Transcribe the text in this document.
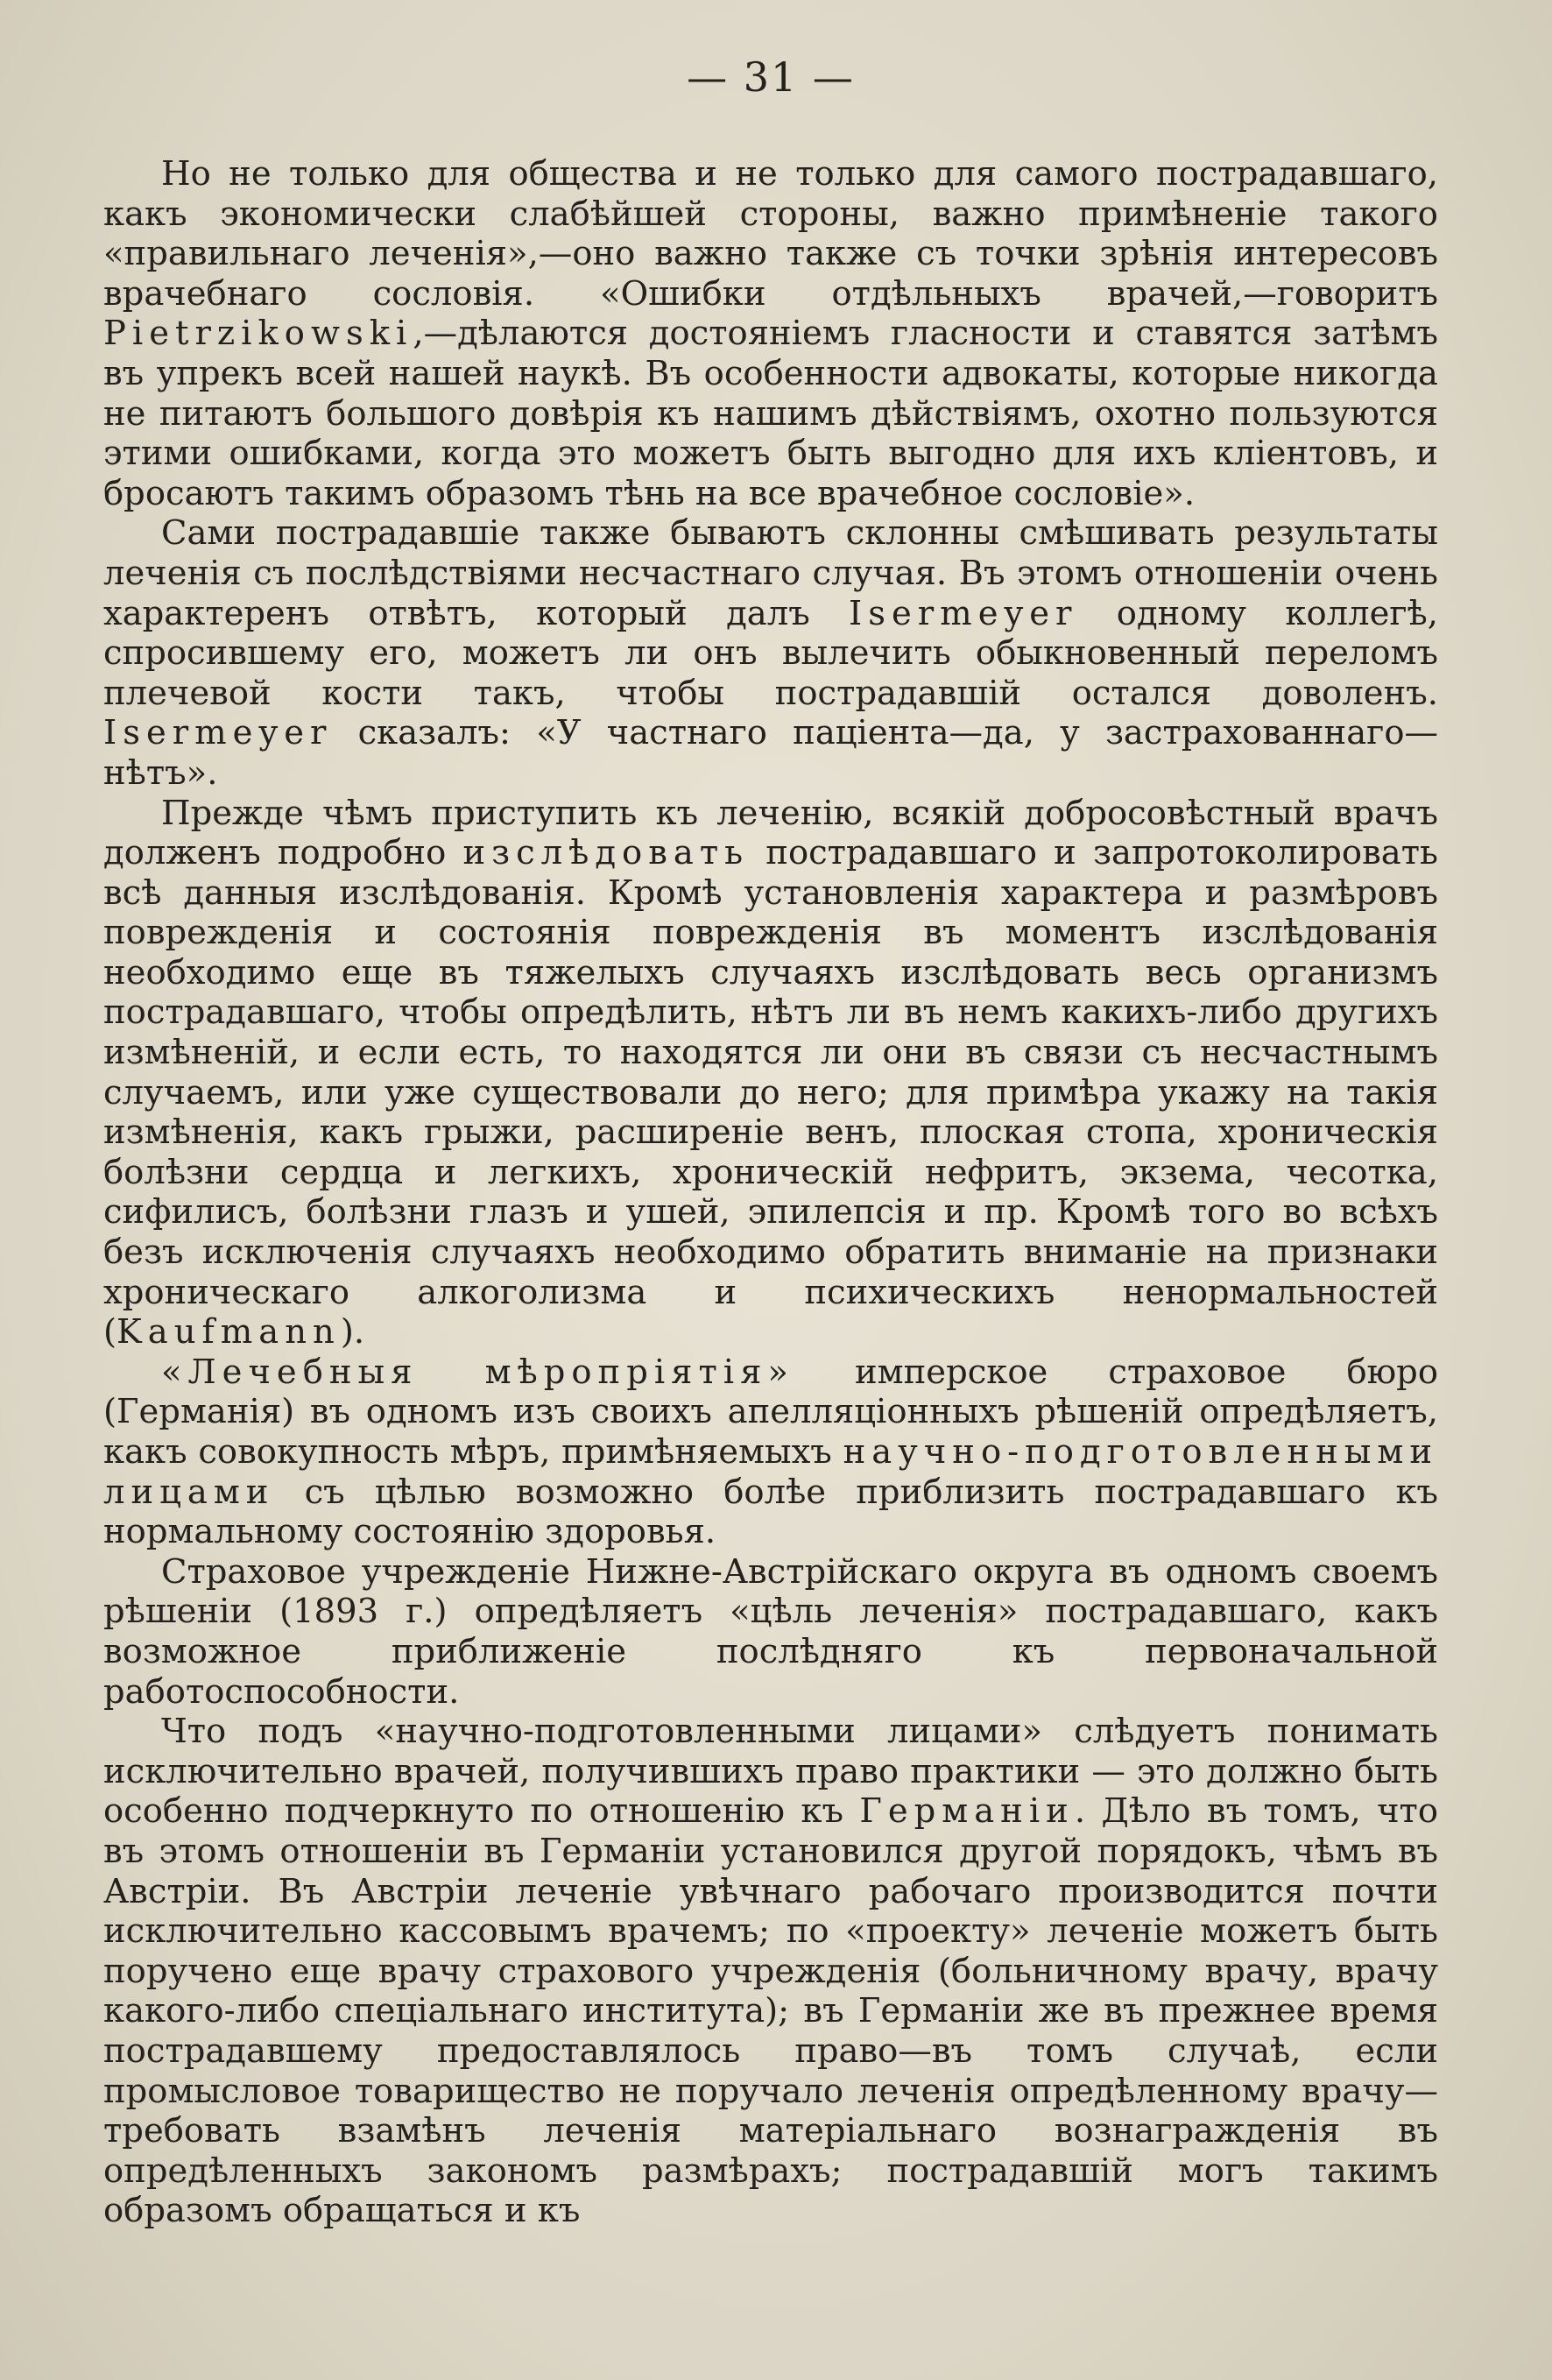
— 31 —

Но не только для общества и не только для самого пострадавшаго, какъ экономически слабѣйшей стороны, важно примѣненіе такого «правильнаго леченія»,—оно важно также съ точки зрѣнія интересовъ врачебнаго сословія. «Ошибки отдѣльныхъ врачей,—говоритъ Pietrzikowski,—дѣлаются достояніемъ гласности и ставятся затѣмъ въ упрекъ всей нашей наукѣ. Въ особенности адвокаты, которые никогда не питаютъ большого довѣрія къ нашимъ дѣйствіямъ, охотно пользуются этими ошибками, когда это можетъ быть выгодно для ихъ кліентовъ, и бросаютъ такимъ образомъ тѣнь на все врачебное сословіе».

Сами пострадавшіе также бываютъ склонны смѣшивать результаты леченія съ послѣдствіями несчастнаго случая. Въ этомъ отношеніи очень характеренъ отвѣтъ, который далъ Isermeyer одному коллегѣ, спросившему его, можетъ ли онъ вылечить обыкновенный переломъ плечевой кости такъ, чтобы пострадавшій остался доволенъ. Isermeyer сказалъ: «У частнаго паціента—да, у застрахованнаго—нѣтъ».

Прежде чѣмъ приступить къ леченію, всякій добросовѣстный врачъ долженъ подробно изслѣдовать пострадавшаго и запротоколировать всѣ данныя изслѣдованія. Кромѣ установленія характера и размѣровъ поврежденія и состоянія поврежденія въ моментъ изслѣдованія необходимо еще въ тяжелыхъ случаяхъ изслѣдовать весь организмъ пострадавшаго, чтобы опредѣлить, нѣтъ ли въ немъ какихъ-либо другихъ измѣненій, и если есть, то находятся ли они въ связи съ несчастнымъ случаемъ, или уже существовали до него; для примѣра укажу на такія измѣненія, какъ грыжи, расширеніе венъ, плоская стопа, хроническія болѣзни сердца и легкихъ, хроническій нефритъ, экзема, чесотка, сифилисъ, болѣзни глазъ и ушей, эпилепсія и пр. Кромѣ того во всѣхъ безъ исключенія случаяхъ необходимо обратить вниманіе на признаки хроническаго алкоголизма и психическихъ ненормальностей (Kaufmann).

«Лечебныя мѣропріятія» имперское страховое бюро (Германія) въ одномъ изъ своихъ апелляціонныхъ рѣшеній опредѣляетъ, какъ совокупность мѣръ, примѣняемыхъ научно-подготовленными лицами съ цѣлью возможно болѣе приблизить пострадавшаго къ нормальному состоянію здоровья.

Страховое учрежденіе Нижне-Австрійскаго округа въ одномъ своемъ рѣшеніи (1893 г.) опредѣляетъ «цѣль леченія» пострадавшаго, какъ возможное приближеніе послѣдняго къ первоначальной работоспособности.

Что подъ «научно-подготовленными лицами» слѣдуетъ понимать исключительно врачей, получившихъ право практики — это должно быть особенно подчеркнуто по отношенію къ Германіи. Дѣло въ томъ, что въ этомъ отношеніи въ Германіи установился другой порядокъ, чѣмъ въ Австріи. Въ Австріи леченіе увѣчнаго рабочаго производится почти исключительно кассовымъ врачемъ; по «проекту» леченіе можетъ быть поручено еще врачу страхового учрежденія (больничному врачу, врачу какого-либо спеціальнаго института); въ Германіи же въ прежнее время пострадавшему предоставлялось право—въ томъ случаѣ, если промысловое товарищество не поручало леченія опредѣленному врачу—требовать взамѣнъ леченія матеріальнаго вознагражденія въ опредѣленныхъ закономъ размѣрахъ; пострадавшій могъ такимъ образомъ обращаться и къ
